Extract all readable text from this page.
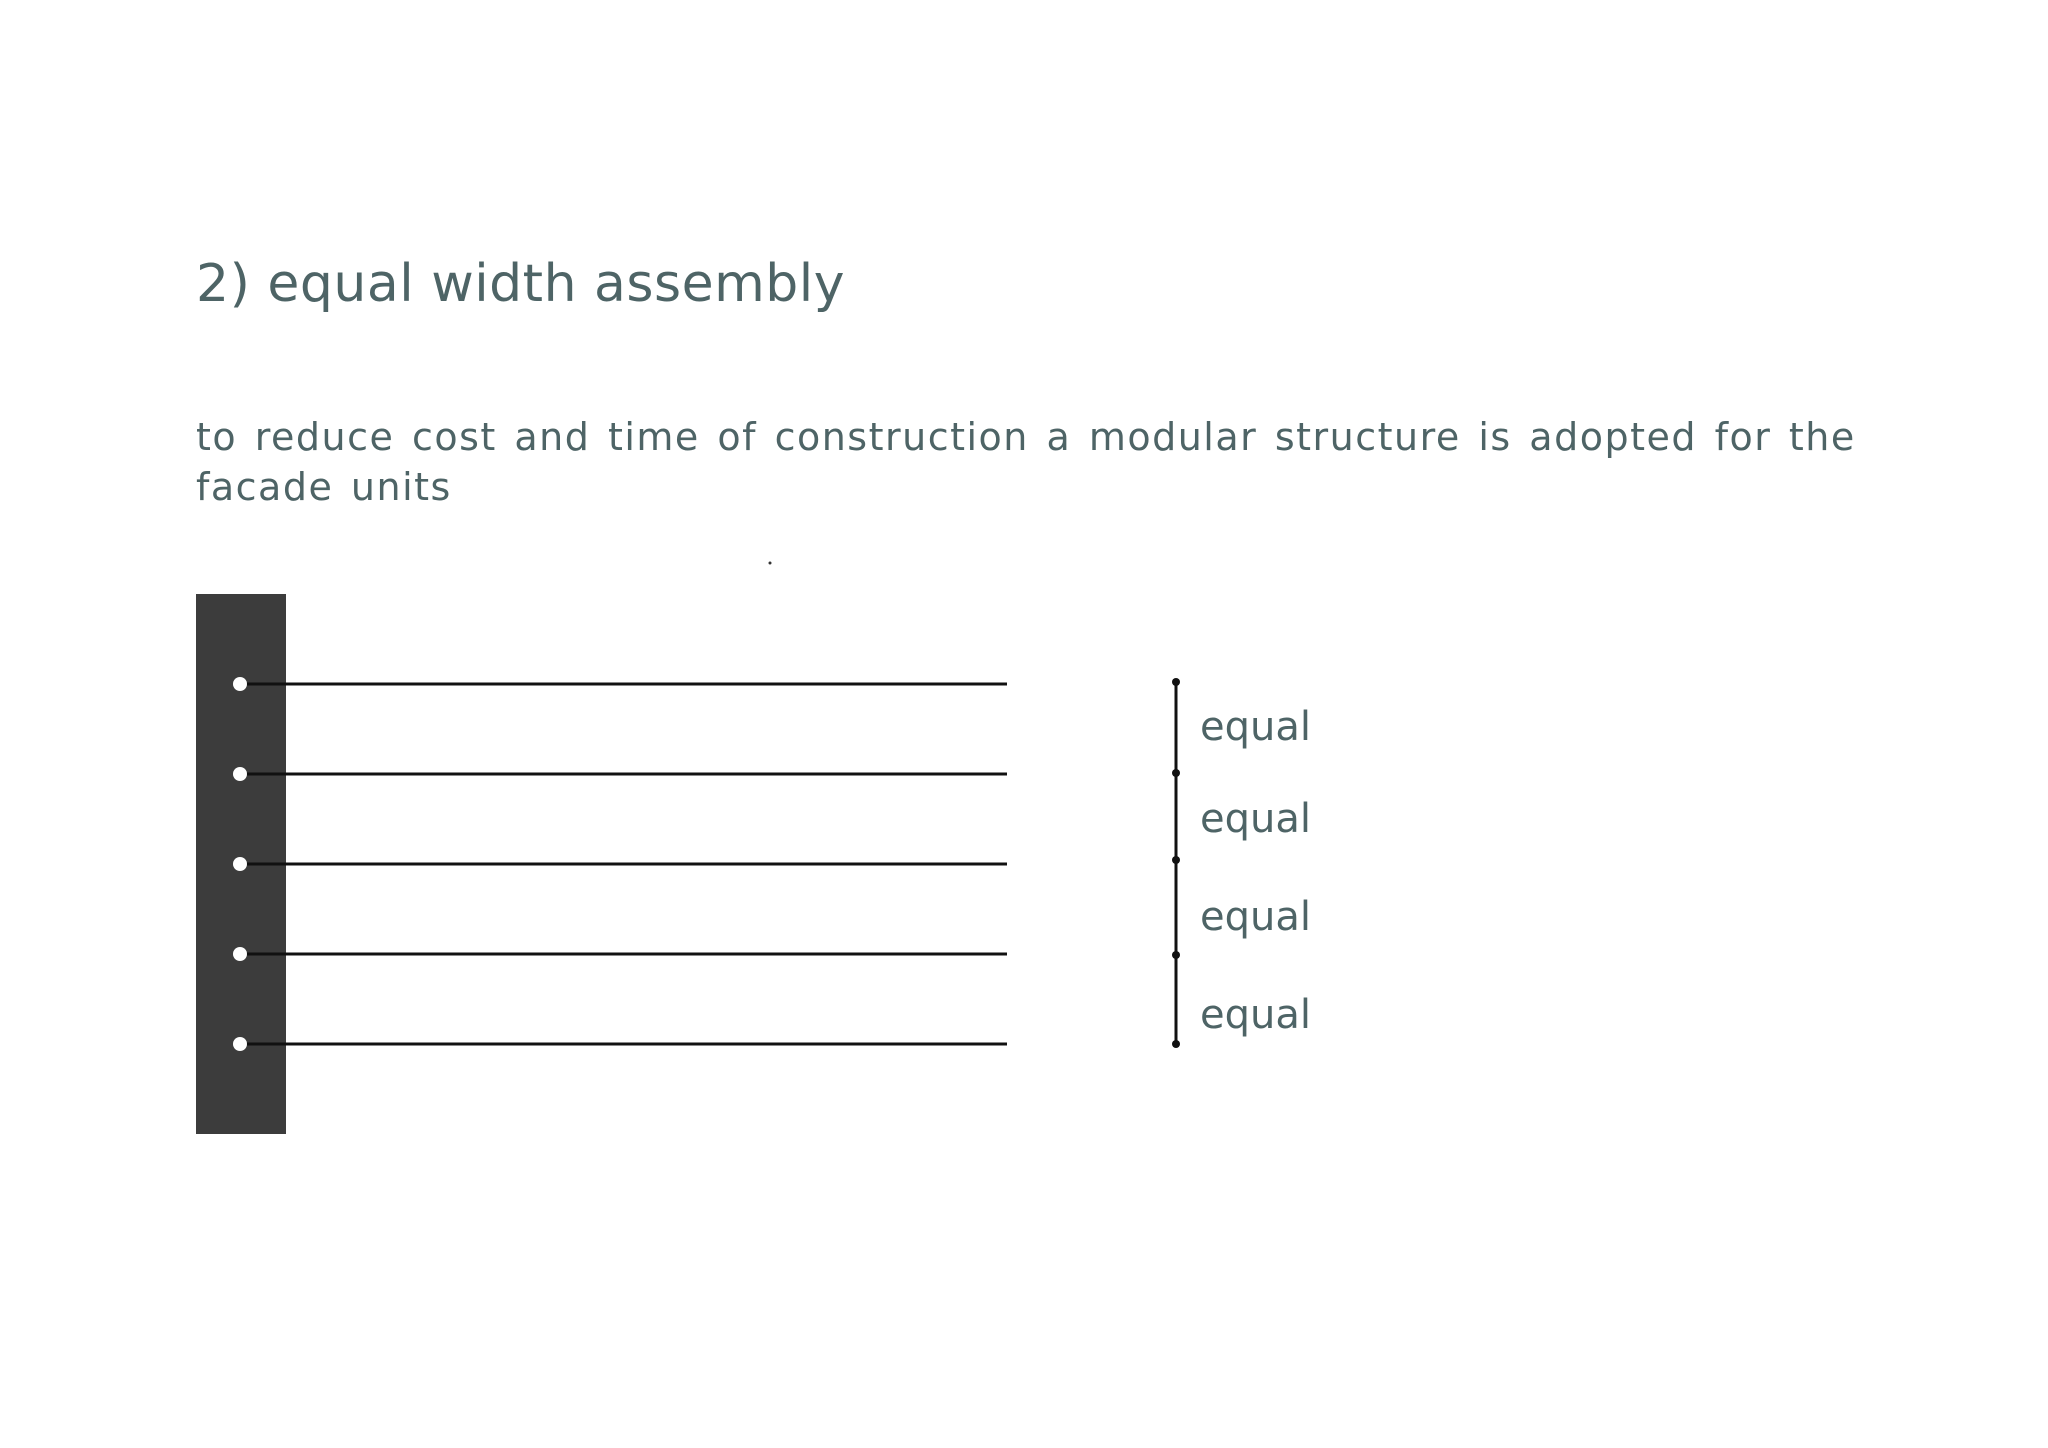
2) equal width assembly

to reduce cost and time of construction a modular structure is adopted for the facade units

equal
equal
equal
equal
